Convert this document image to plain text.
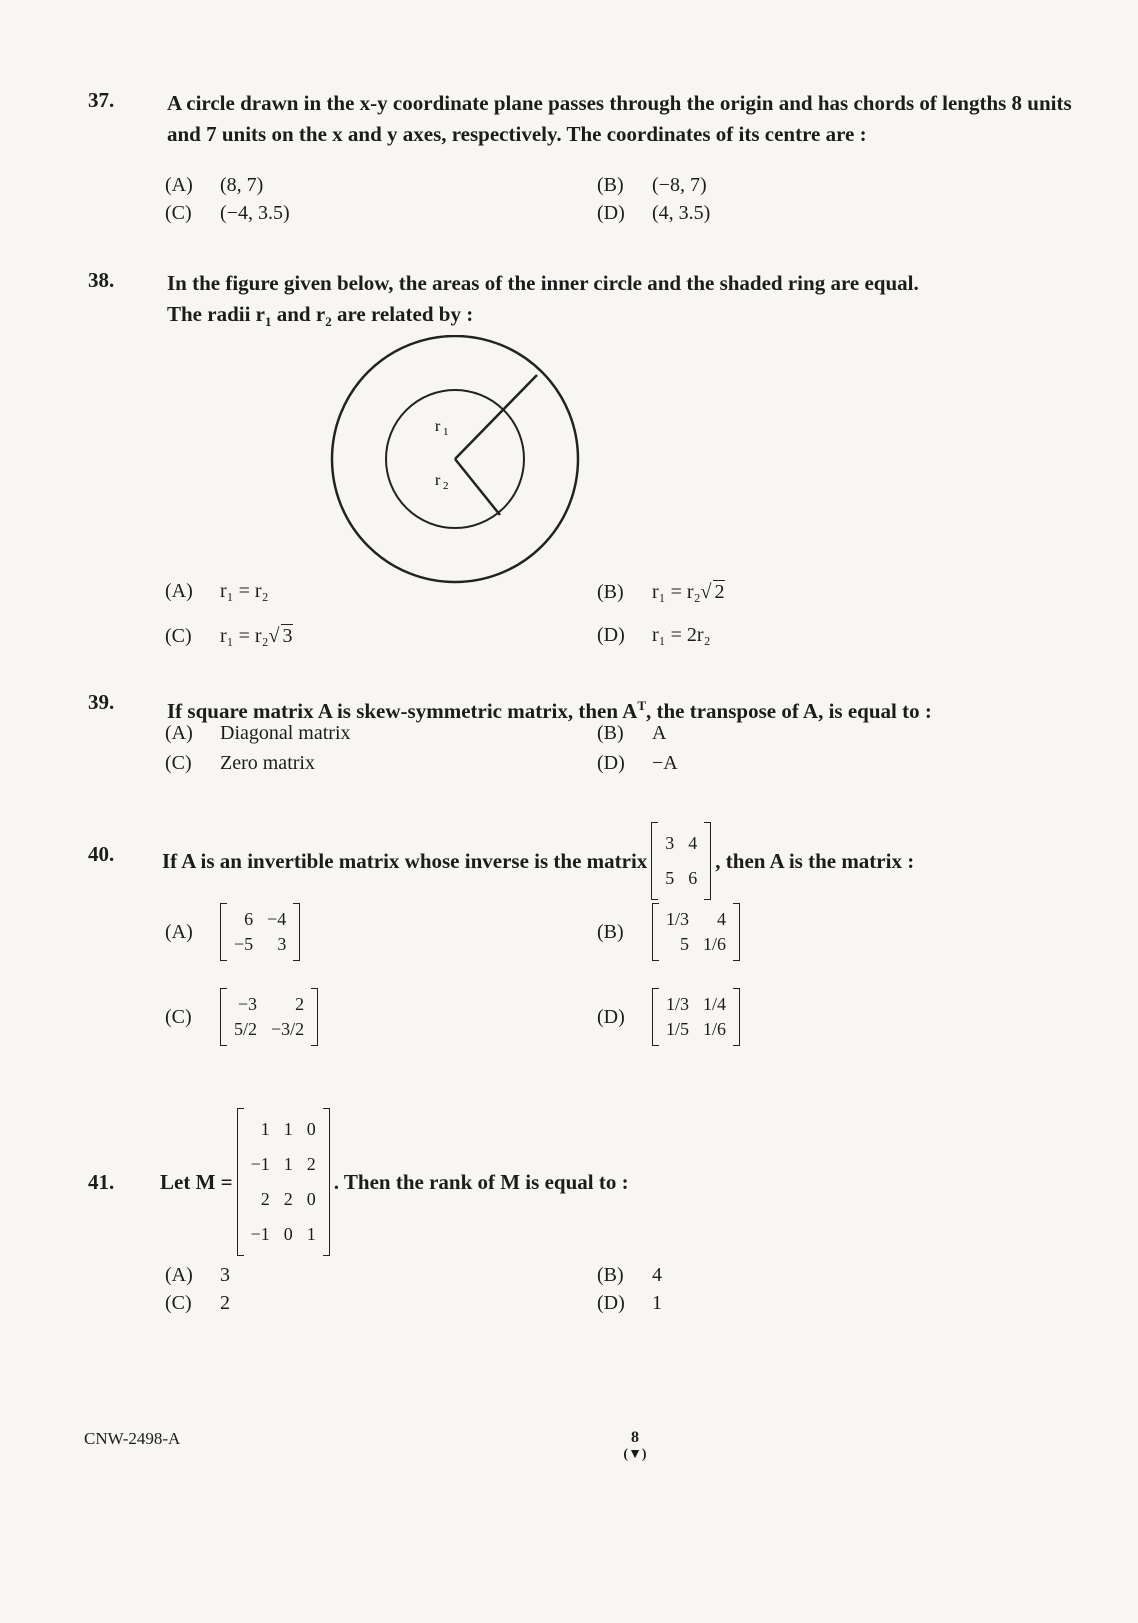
37.	A circle drawn in the x-y coordinate plane passes through the origin and has chords of lengths 8 units and 7 units on the x and y axes, respectively. The coordinates of its centre are :
(A) (8, 7)	(B) (−8, 7)
(C) (−4, 3.5)	(D) (4, 3.5)
38.	In the figure given below, the areas of the inner circle and the shaded ring are equal.
The radii $r_1$ and $r_2$ are related by :
r 1
r 2
(A) r₁ = r₂	(B) r₁ = r₂√ 2
(C) r₁ = r₂√ 3	(D) r₁ = 2r₂
39.	If square matrix A is skew-symmetric matrix, then $A^T$, the transpose of A, is equal to :
(A) Diagonal matrix	(B) A
(C) Zero matrix	(D) −A
40. If A is an invertible matrix whose inverse is the matrix
3 4
5 6
, then A is the matrix :
(A)
6 −4
−5	3
(B)
1/3	4
5 1/6
(C)
−3	2
5/2 −3/2
(D)
1/3 1/4
1/5 1/6
41. Let M =
1 1 0
−1 1 2
2 2 0
−1 0 1
. Then the rank of M is equal to :
(A) 3	(B) 4
(C) 2	(D) 1
CNW-2498-A	8
(▼)
